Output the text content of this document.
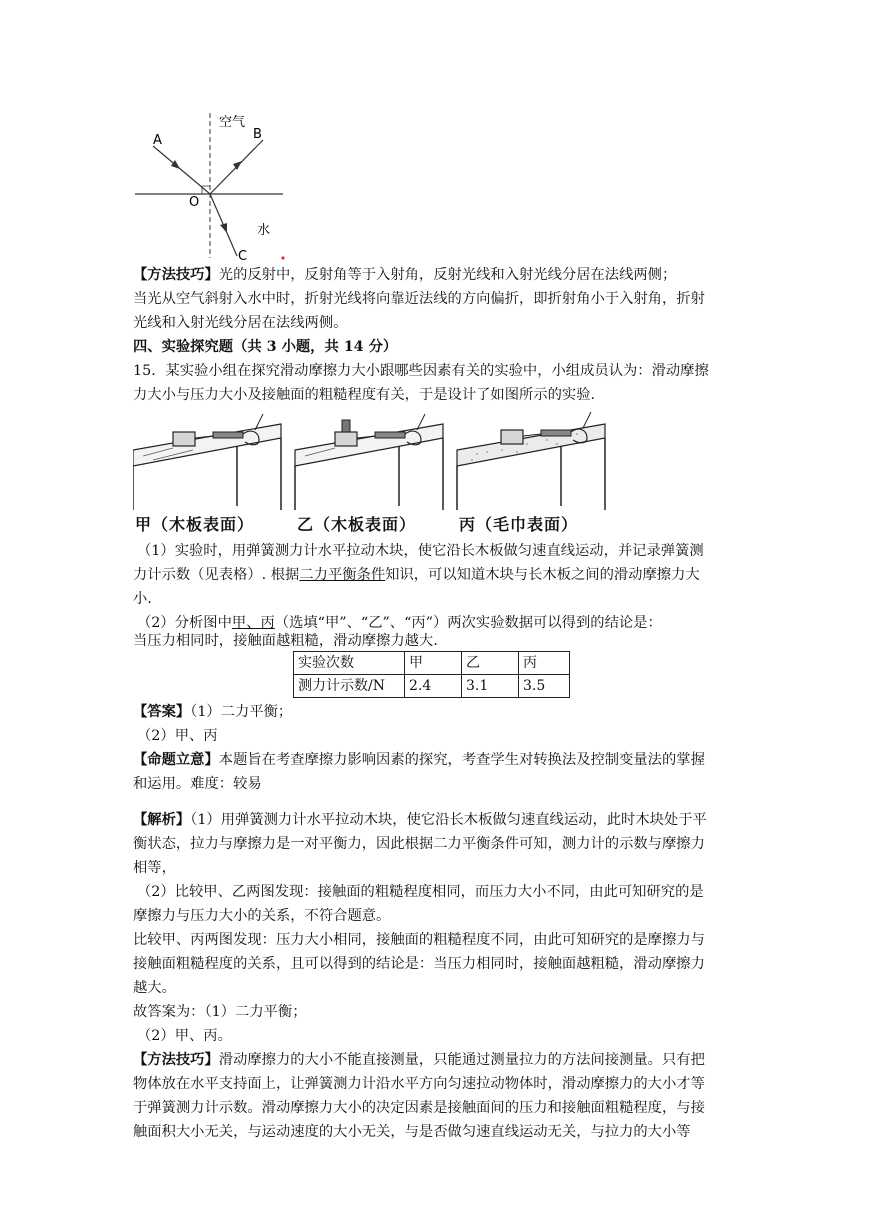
A	B
O
C
空气
水
【方法技巧】光的反射中，反射角等于入射角，反射光线和入射光线分居在法线两侧；
当光从空气斜射入水中时，折射光线将向靠近法线的方向偏折，即折射角小于入射角，折射
光线和入射光线分居在法线两侧。
四、实验探究题（共 3 小题，共 14 分）
15．某实验小组在探究滑动摩擦力大小跟哪些因素有关的实验中，小组成员认为：滑动摩擦
力大小与压力大小及接触面的粗糙程度有关，于是设计了如图所示的实验.
甲（木板表面）	乙（木板表面）	丙（毛巾表面）
（1）实验时，用弹簧测力计水平拉动木块，使它沿长木板做匀速直线运动，并记录弹簧测
力计示数（见表格）. 根据二力平衡条件知识，可以知道木块与长木板之间的滑动摩擦力大
小.
（2）分析图中甲、丙（选填“甲”、“乙”、“丙”）两次实验数据可以得到的结论是：
当压力相同时，接触面越粗糙，滑动摩擦力越大.
实验次数	甲	乙	丙
测力计示数/N	2.4	3.1	3.5
【答案】（1）二力平衡；
（2）甲、丙
【命题立意】本题旨在考查摩擦力影响因素的探究，考查学生对转换法及控制变量法的掌握
和运用。难度：较易
【解析】（1）用弹簧测力计水平拉动木块，使它沿长木板做匀速直线运动，此时木块处于平
衡状态，拉力与摩擦力是一对平衡力，因此根据二力平衡条件可知，测力计的示数与摩擦力
相等，
（2）比较甲、乙两图发现：接触面的粗糙程度相同，而压力大小不同，由此可知研究的是
摩擦力与压力大小的关系，不符合题意。
比较甲、丙两图发现：压力大小相同，接触面的粗糙程度不同，由此可知研究的是摩擦力与
接触面粗糙程度的关系，且可以得到的结论是：当压力相同时，接触面越粗糙，滑动摩擦力
越大。
故答案为：（1）二力平衡；
（2）甲、丙。
【方法技巧】滑动摩擦力的大小不能直接测量，只能通过测量拉力的方法间接测量。只有把
物体放在水平支持面上，让弹簧测力计沿水平方向匀速拉动物体时，滑动摩擦力的大小才等
于弹簧测力计示数。滑动摩擦力大小的决定因素是接触面间的压力和接触面粗糙程度，与接
触面积大小无关，与运动速度的大小无关，与是否做匀速直线运动无关，与拉力的大小等
